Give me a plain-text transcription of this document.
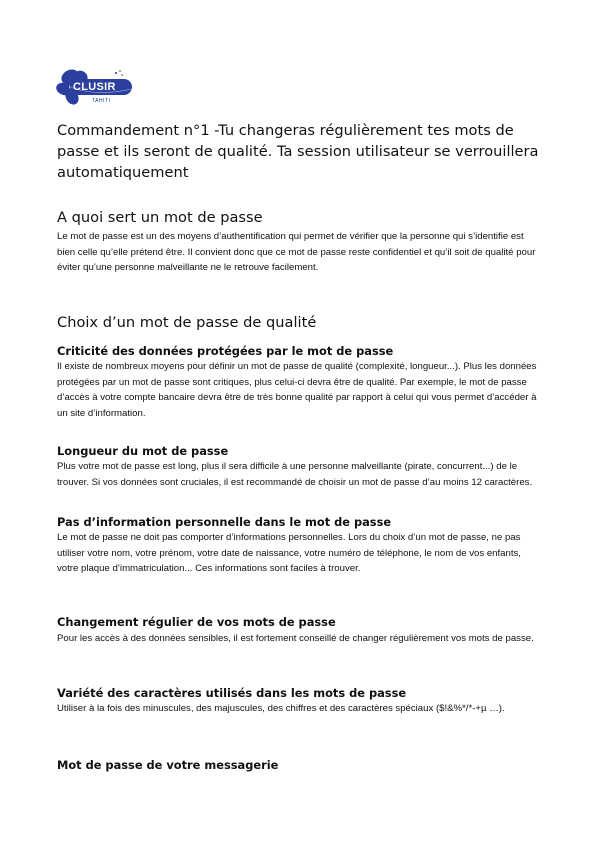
CLUSIR
TAHITI
Commandement n°1 -Tu changeras régulièrement tes mots de passe et ils seront de qualité. Ta session utilisateur se verrouillera automatiquement
A quoi sert un mot de passe

Le mot de passe est un des moyens d’authentification qui permet de vérifier que la personne qui s’identifie est bien celle qu’elle prétend être. Il convient donc que ce mot de passe reste confidentiel et qu’il soit de qualité pour éviter qu’une personne malveillante ne le retrouve facilement.

Choix d’un mot de passe de qualité
Criticité des données protégées par le mot de passe

Il existe de nombreux moyens pour définir un mot de passe de qualité (complexité, longueur...). Plus les données protégées par un mot de passe sont critiques, plus celui-ci devra être de qualité. Par exemple, le mot de passe d’accès à votre compte bancaire devra être de très bonne qualité par rapport à celui qui vous permet d’accéder à un site d’information.

Longueur du mot de passe

Plus votre mot de passe est long, plus il sera difficile à une personne malveillante (pirate, concurrent...) de le trouver. Si vos données sont cruciales, il est recommandé de choisir un mot de passe d’au moins 12 caractères.

Pas d’information personnelle dans le mot de passe

Le mot de passe ne doit pas comporter d’informations personnelles. Lors du choix d’un mot de passe, ne pas utiliser votre nom, votre prénom, votre date de naissance, votre numéro de téléphone, le nom de vos enfants, votre plaque d’immatriculation... Ces informations sont faciles à trouver.

Changement régulier de vos mots de passe

Pour les accès à des données sensibles, il est fortement conseillé de changer régulièrement vos mots de passe.

Variété des caractères utilisés dans les mots de passe

Utiliser à la fois des minuscules, des majuscules, des chiffres et des caractères spéciaux ($!&%*/*-+µ …).

Mot de passe de votre messagerie
